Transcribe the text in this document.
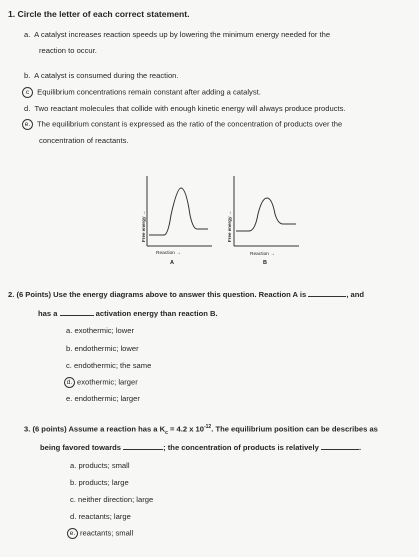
1. Circle the letter of each correct statement.
a. A catalyst increases reaction speeds up by lowering the minimum energy needed for the
reaction to occur.
b. A catalyst is consumed during the reaction.
c Equilibrium concentrations remain constant after adding a catalyst.
d. Two reactant molecules that collide with enough kinetic energy will always produce products.
e. The equilibrium constant is expressed as the ratio of the concentration of products over the
concentration of reactants.
Free energy →
Reaction →
A
Free energy →
Reaction →
B
2. (6 Points) Use the energy diagrams above to answer this question. Reaction A is	, and
has a	activation energy than reaction B.
a. exothermic; lower
b. endothermic; lower
c. endothermic; the same
d. exothermic; larger
e. endothermic; larger
3. (6 points) Assume a reaction has a $K_c = 4.2$ x $10^{-12}$. The equilibrium position can be describes as
being favored towards	; the concentration of products is relatively	.
a. products; small
b. products; large
c. neither direction; large
d. reactants; large
e. reactants; small
